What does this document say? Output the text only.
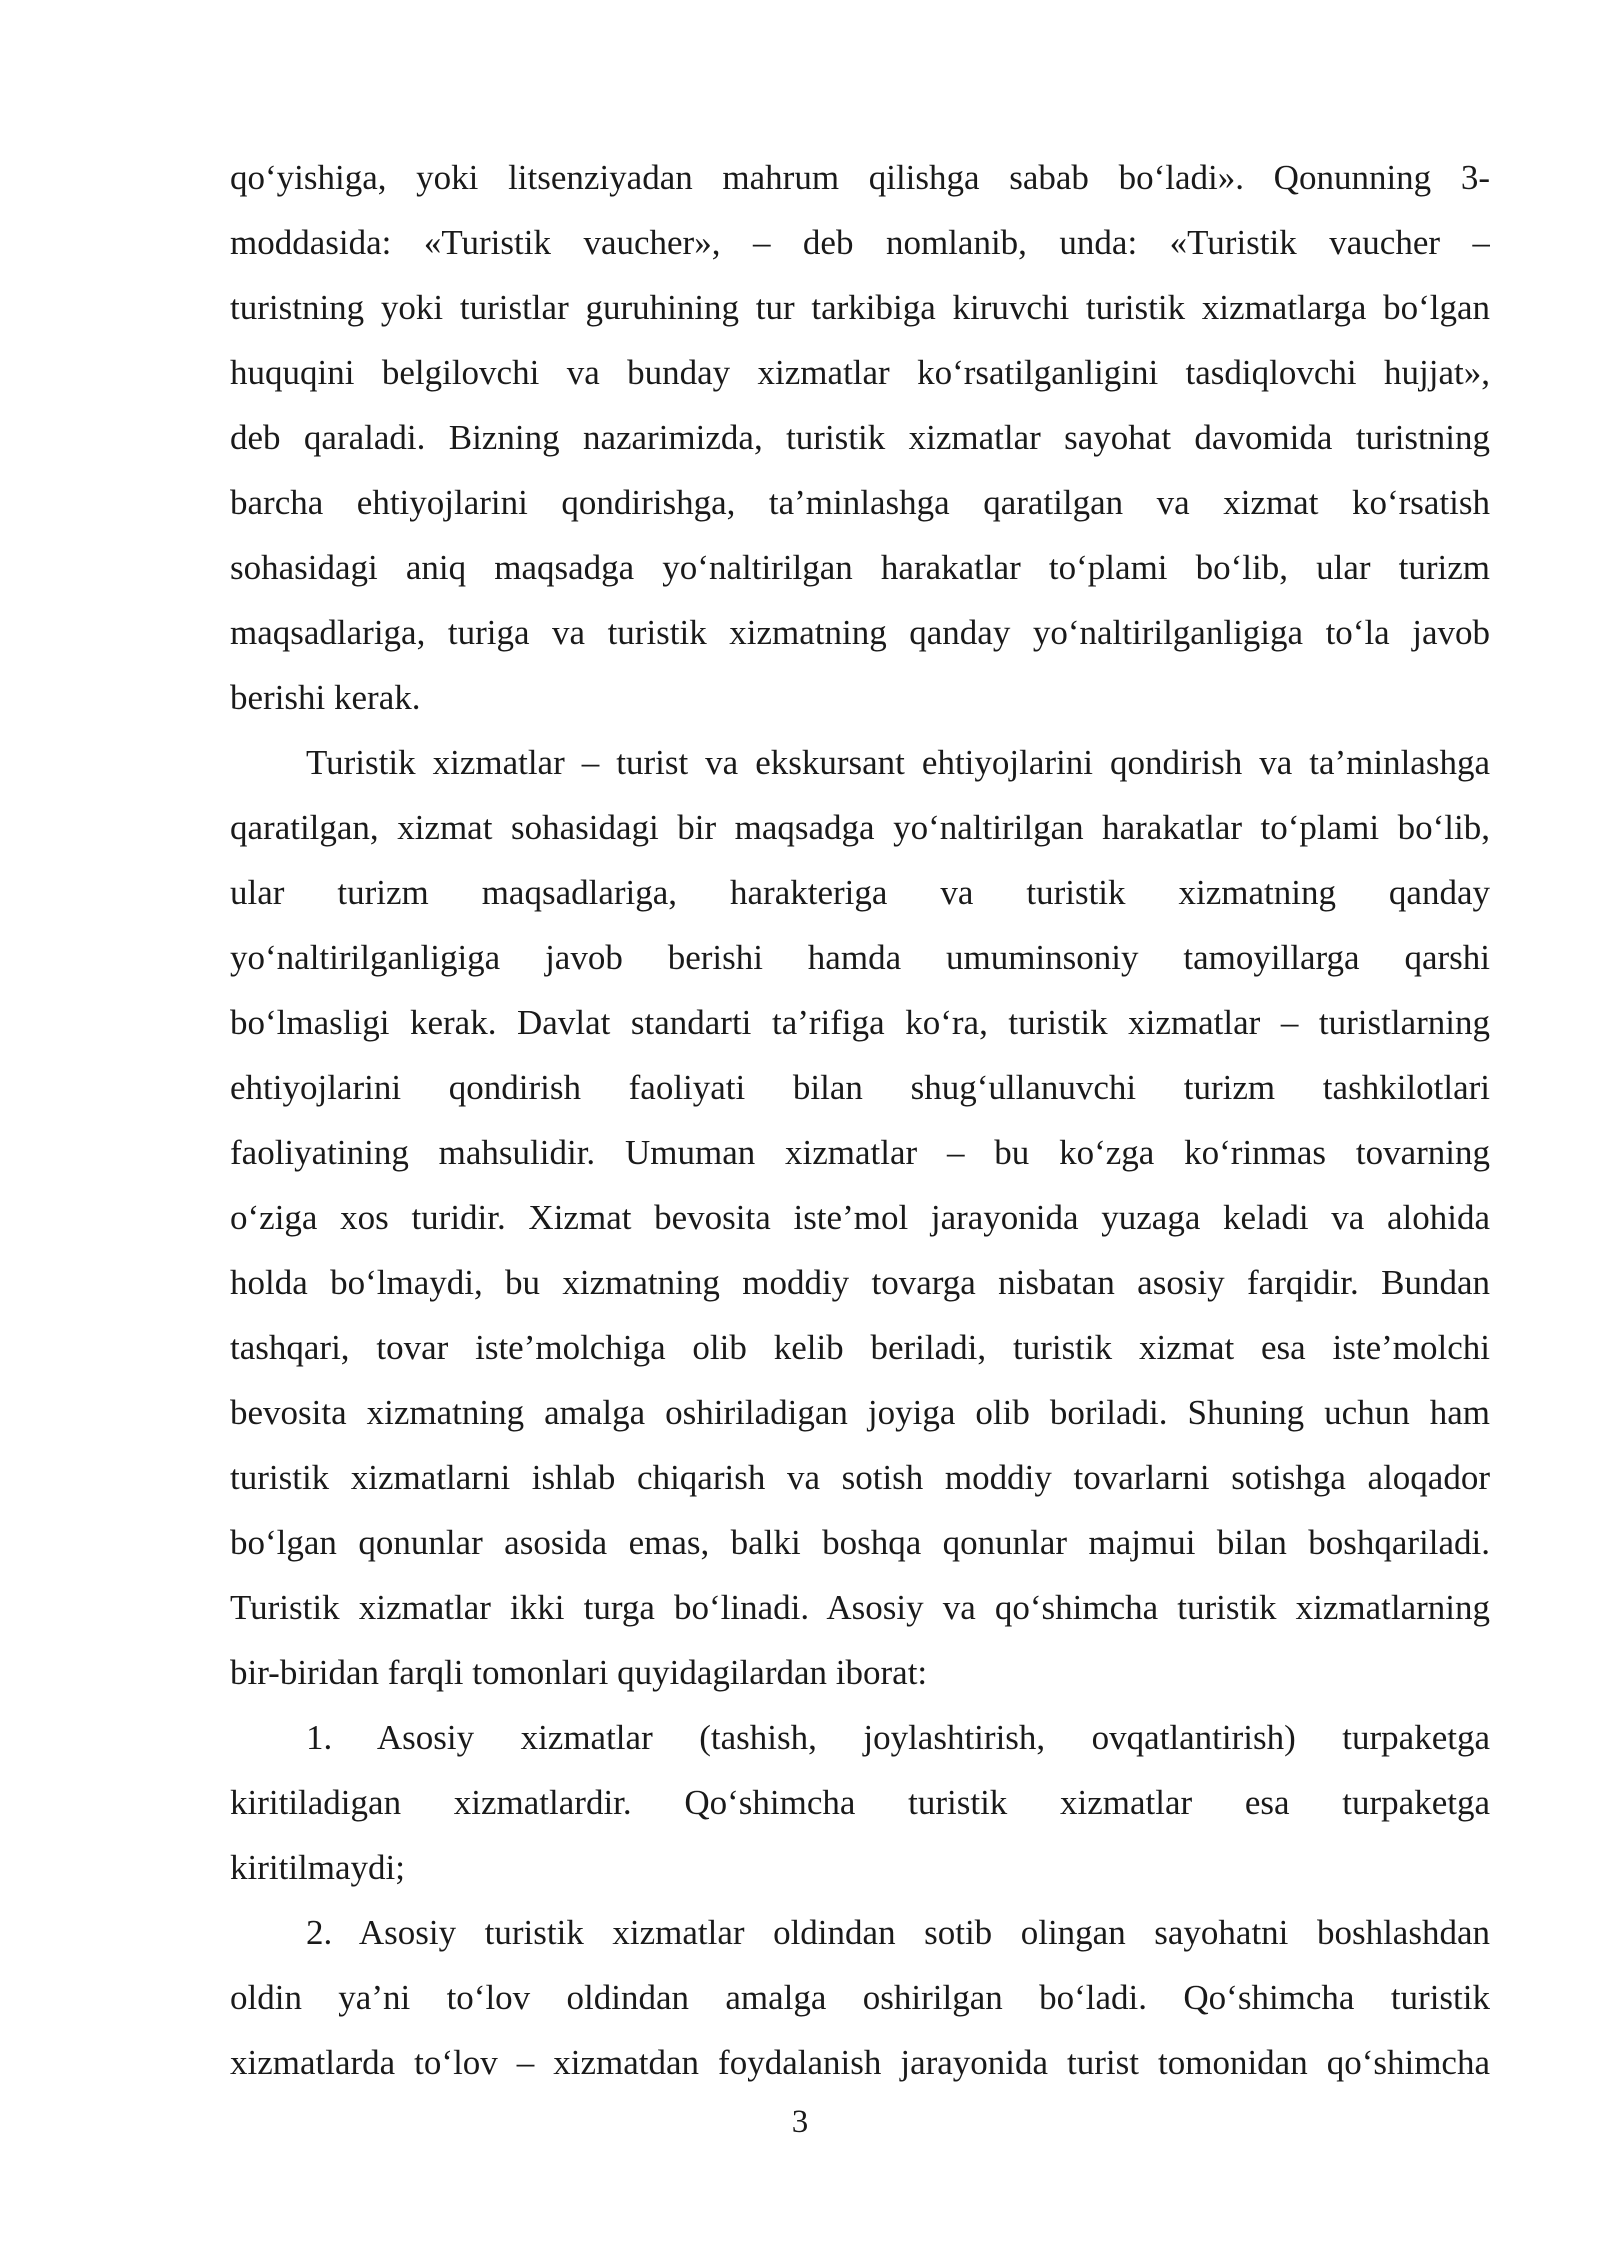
qo‘yishiga, yoki litsenziyadan mahrum qilishga sabab bo‘ladi». Qonunning 3-
moddasida: «Turistik vaucher», – deb nomlanib, unda: «Turistik vaucher –
turistning yoki turistlar guruhining tur tarkibiga kiruvchi turistik xizmatlarga bo‘lgan
huquqini belgilovchi va bunday xizmatlar ko‘rsatilganligini tasdiqlovchi hujjat»,
deb qaraladi. Bizning nazarimizda, turistik xizmatlar sayohat davomida turistning
barcha ehtiyojlarini qondirishga, ta’minlashga qaratilgan va xizmat ko‘rsatish
sohasidagi aniq maqsadga yo‘naltirilgan harakatlar to‘plami bo‘lib, ular turizm
maqsadlariga, turiga va turistik xizmatning qanday yo‘naltirilganligiga to‘la javob
berishi kerak.
Turistik xizmatlar – turist va ekskursant ehtiyojlarini qondirish va ta’minlashga
qaratilgan, xizmat sohasidagi bir maqsadga yo‘naltirilgan harakatlar to‘plami bo‘lib,
ular turizm maqsadlariga, harakteriga va turistik xizmatning qanday
yo‘naltirilganligiga javob berishi hamda umuminsoniy tamoyillarga qarshi
bo‘lmasligi kerak. Davlat standarti ta’rifiga ko‘ra, turistik xizmatlar – turistlarning
ehtiyojlarini qondirish faoliyati bilan shug‘ullanuvchi turizm tashkilotlari
faoliyatining mahsulidir. Umuman xizmatlar – bu ko‘zga ko‘rinmas tovarning
o‘ziga xos turidir. Xizmat bevosita iste’mol jarayonida yuzaga keladi va alohida
holda bo‘lmaydi, bu xizmatning moddiy tovarga nisbatan asosiy farqidir. Bundan
tashqari, tovar iste’molchiga olib kelib beriladi, turistik xizmat esa iste’molchi
bevosita xizmatning amalga oshiriladigan joyiga olib boriladi. Shuning uchun ham
turistik xizmatlarni ishlab chiqarish va sotish moddiy tovarlarni sotishga aloqador
bo‘lgan qonunlar asosida emas, balki boshqa qonunlar majmui bilan boshqariladi.
Turistik xizmatlar ikki turga bo‘linadi. Asosiy va qo‘shimcha turistik xizmatlarning
bir-biridan farqli tomonlari quyidagilardan iborat:
1. Asosiy xizmatlar (tashish, joylashtirish, ovqatlantirish) turpaketga
kiritiladigan xizmatlardir. Qo‘shimcha turistik xizmatlar esa turpaketga
kiritilmaydi;
2. Asosiy turistik xizmatlar oldindan sotib olingan sayohatni boshlashdan
oldin ya’ni to‘lov oldindan amalga oshirilgan bo‘ladi. Qo‘shimcha turistik
xizmatlarda to‘lov – xizmatdan foydalanish jarayonida turist tomonidan qo‘shimcha
3
